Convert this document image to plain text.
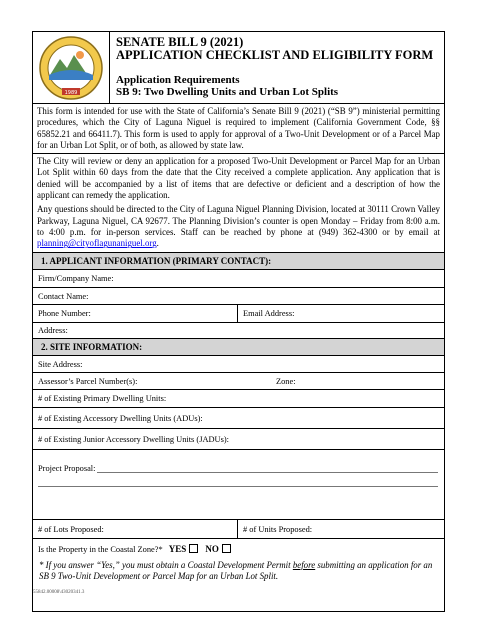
1989
SENATE BILL 9 (2021)
APPLICATION CHECKLIST AND ELIGIBILITY FORM
Application Requirements
SB 9: Two Dwelling Units and Urban Lot Splits

This form is intended for use with the State of California’s Senate Bill 9 (2021) (“SB 9”) ministerial permitting procedures, which the City of Laguna Niguel is required to implement (California Government Code, §§ 65852.21 and 66411.7). This form is used to apply for approval of a Two-Unit Development or of a Parcel Map for an Urban Lot Split, or of both, as allowed by state law.

The City will review or deny an application for a proposed Two-Unit Development or Parcel Map for an Urban Lot Split within 60 days from the date that the City received a complete application. Any application that is denied will be accompanied by a list of items that are defective or deficient and a description of how the applicant can remedy the application.

Any questions should be directed to the City of Laguna Niguel Planning Division, located at 30111 Crown Valley Parkway, Laguna Niguel, CA 92677. The Planning Division’s counter is open Monday – Friday from 8:00 a.m. to 4:00 p.m. for in-person services. Staff can be reached by phone at (949) 362-4300 or by email at planning@cityoflagunaniguel.org.

1. APPLICANT INFORMATION (PRIMARY CONTACT):
Firm/Company Name:
Contact Name:
Phone Number:	Email Address:
Address:
2. SITE INFORMATION:
Site Address:
Assessor’s Parcel Number(s):	Zone:
# of Existing Primary Dwelling Units:
# of Existing Accessory Dwelling Units (ADUs):
# of Existing Junior Accessory Dwelling Units (JADUs):
Project Proposal:
# of Lots Proposed:	# of Units Proposed:
Is the Property in the Coastal Zone?* YES NO
* If you answer “Yes,” you must obtain a Coastal Development Permit before submitting an application for an SB 9 Two-Unit Development or Parcel Map for an Urban Lot Split.
55842.00008\43020341.3
